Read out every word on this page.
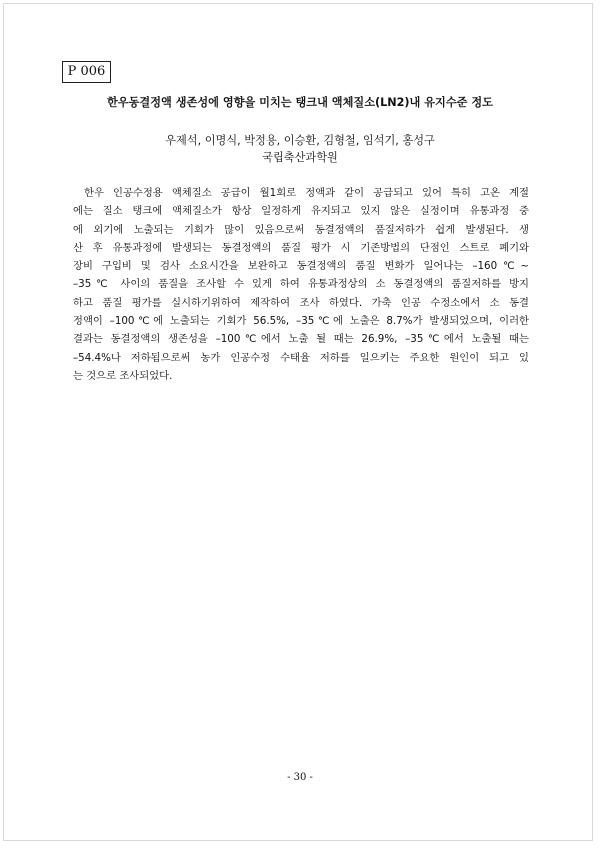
P 006
한우동결정액 생존성에 영향을 미치는 탱크내 액체질소(LN2)내 유지수준 정도
우제석, 이명식, 박정용, 이승환, 김형철, 임석기, 홍성구
국립축산과학원
한우 인공수정용 액체질소 공급이 월1회로 정액과 같이 공급되고 있어 특히 고온 계절
에는 질소 탱크에 액체질소가 항상 일정하게 유지되고 있지 않은 실정이며 유통과정 중
에 외기에 노출되는 기회가 많이 있음으로써 동결정액의 품질저하가 쉽게 발생된다. 생
산 후 유통과정에 발생되는 동결정액의 품질 평가 시 기존방법의 단점인 스트로 폐기와
장비 구입비 및 검사 소요시간을 보완하고 동결정액의 품질 변화가 일어나는 –160℃~
–35℃ 사이의 품질을 조사할 수 있게 하여 유통과정상의 소 동결정액의 품질저하를 방지
하고 품질 평가를 실시하기위하여 제작하여 조사 하였다. 가축 인공 수정소에서 소 동결
정액이 –100℃에 노출되는 기회가 56.5%, –35℃에 노출은 8.7%가 발생되었으며, 이러한
결과는 동결정액의 생존성을 –100℃에서 노출 될 때는 26.9%, –35℃에서 노출될 때는
–54.4%나 저하됨으로써 농가 인공수정 수태율 저하를 일으키는 주요한 원인이 되고 있
는 것으로 조사되었다.
- 30 -
